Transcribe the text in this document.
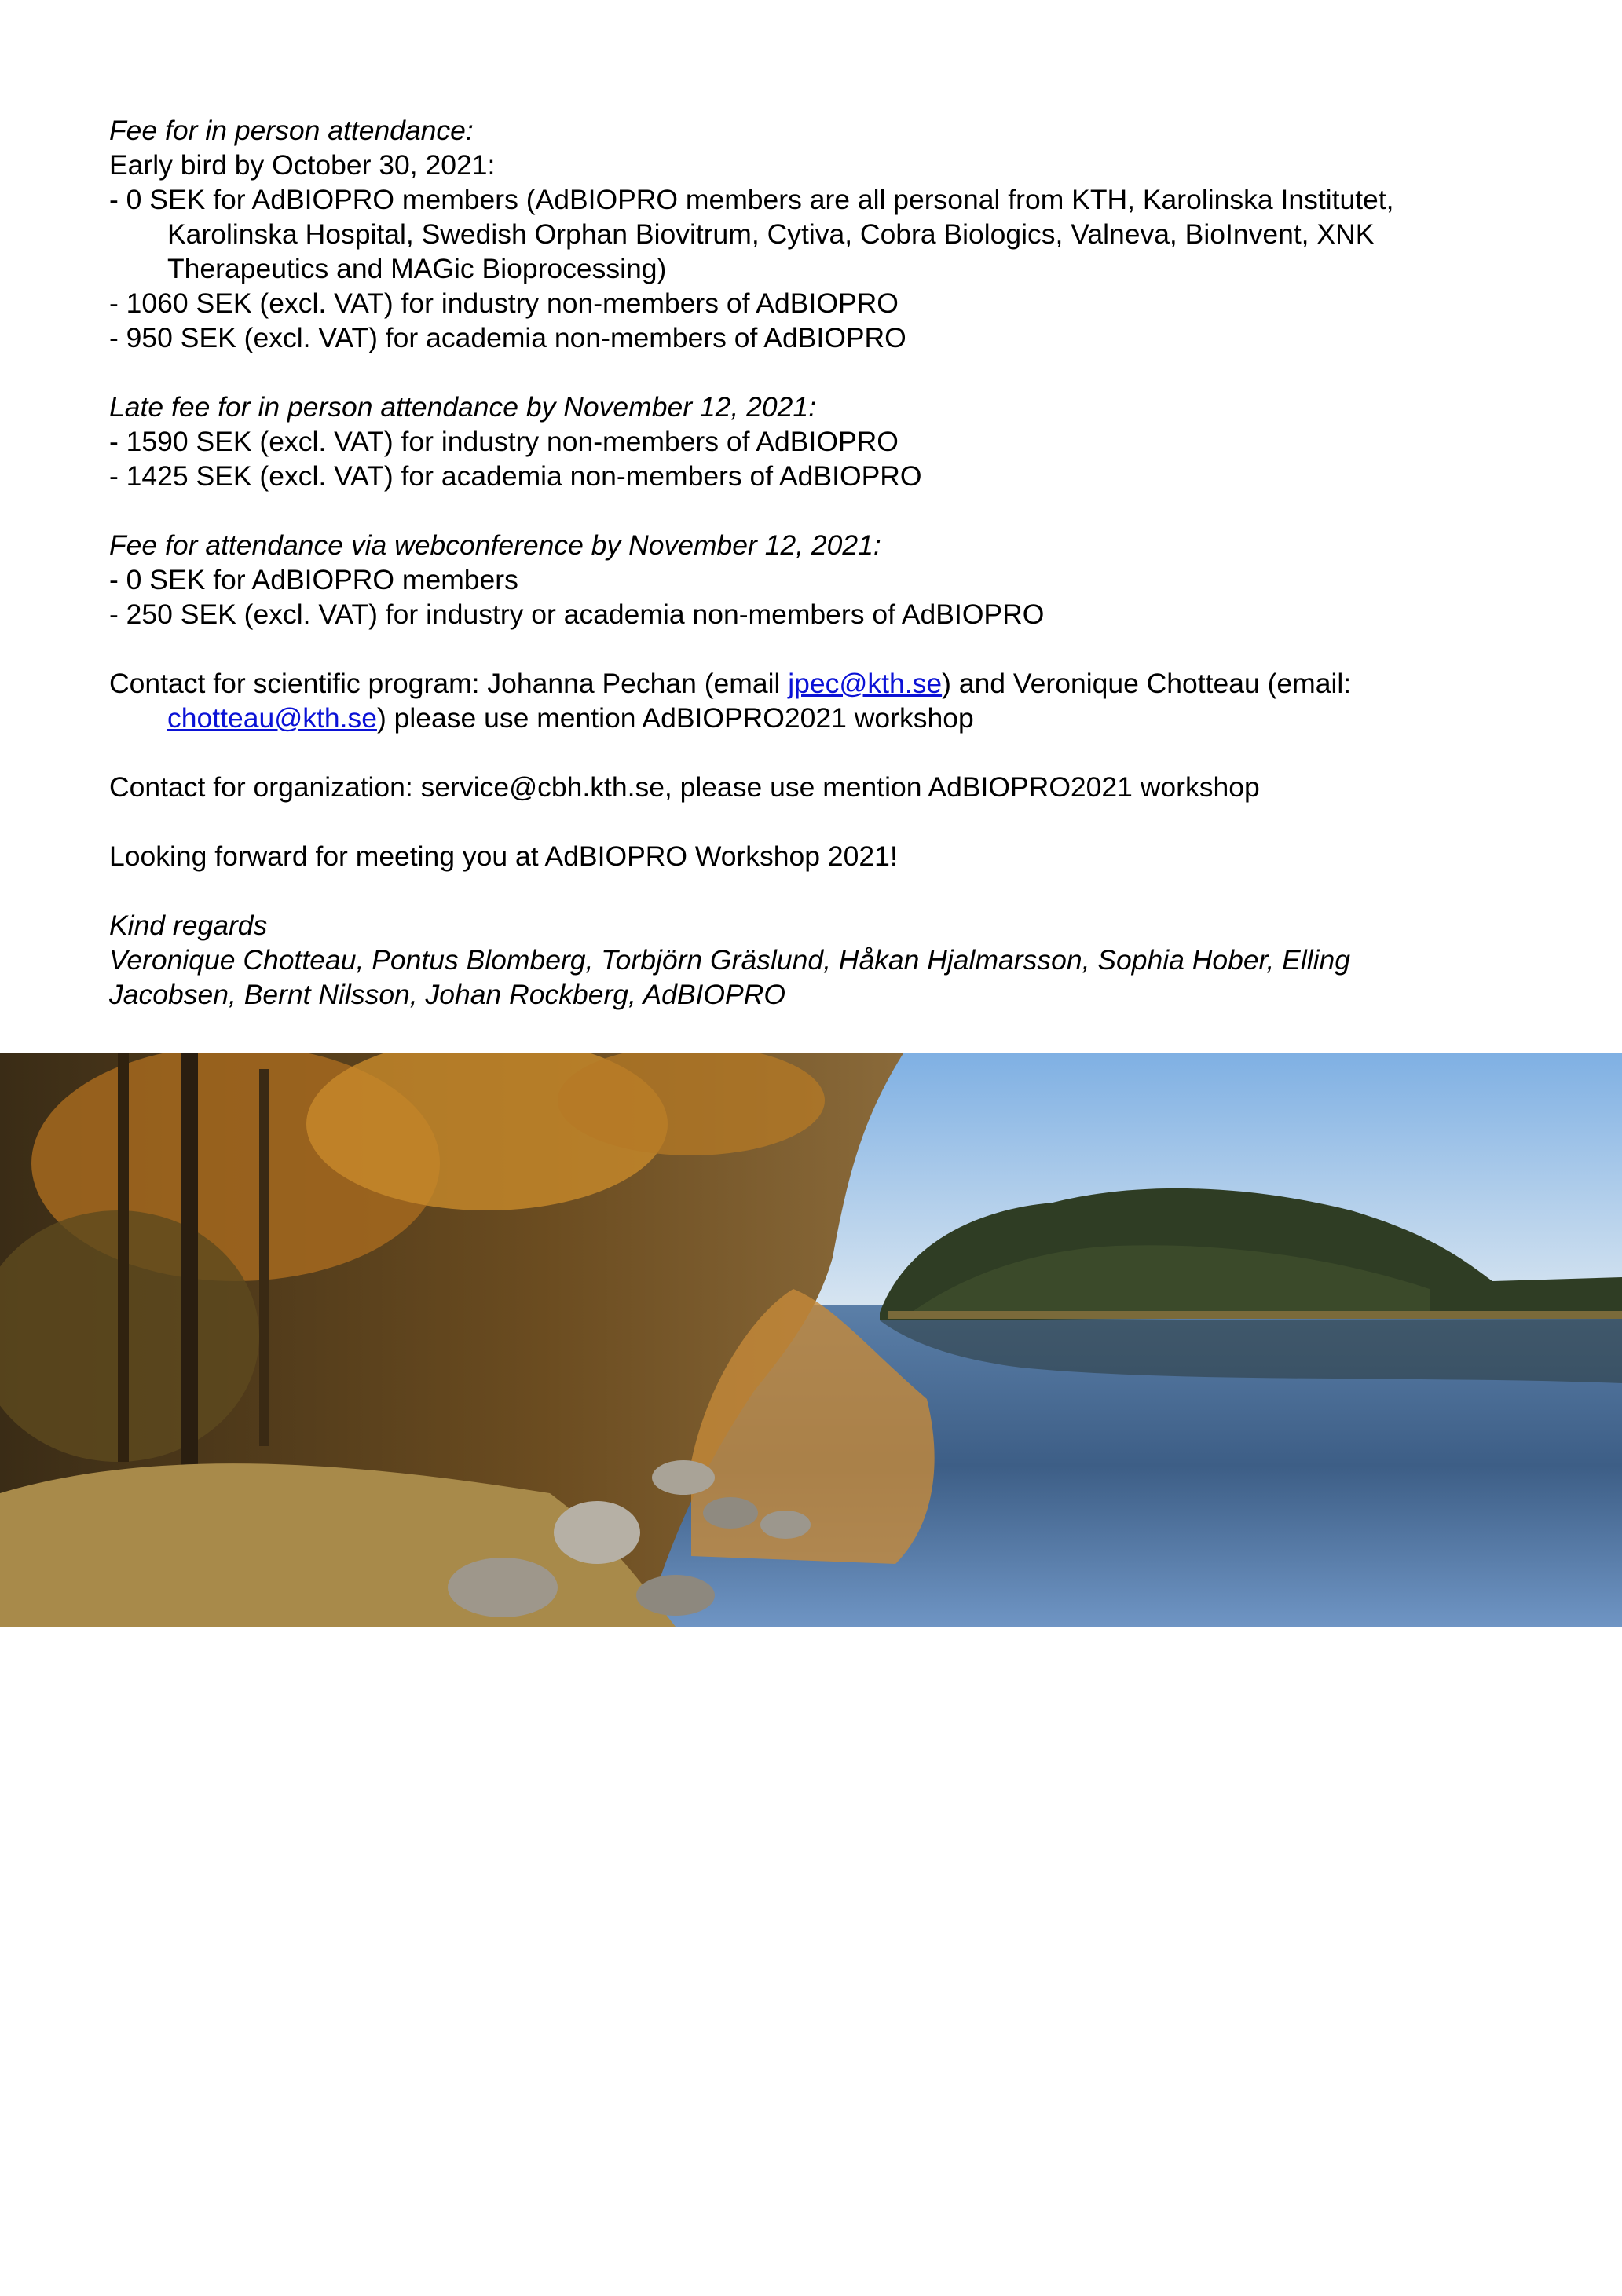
Fee for in person attendance:
Early bird by October 30, 2021:
- 0 SEK for AdBIOPRO members (AdBIOPRO members are all personal from KTH, Karolinska Institutet,
Karolinska Hospital, Swedish Orphan Biovitrum, Cytiva, Cobra Biologics, Valneva, BioInvent, XNK
Therapeutics and MAGic Bioprocessing)
- 1060 SEK (excl. VAT) for industry non-members of AdBIOPRO
- 950 SEK (excl. VAT) for academia non-members of AdBIOPRO
Late fee for in person attendance by November 12, 2021:
- 1590 SEK (excl. VAT) for industry non-members of AdBIOPRO
- 1425 SEK (excl. VAT) for academia non-members of AdBIOPRO
Fee for attendance via webconference by November 12, 2021:
- 0 SEK for AdBIOPRO members
- 250 SEK (excl. VAT) for industry or academia non-members of AdBIOPRO
Contact for scientific program: Johanna Pechan (email jpec@kth.se) and Veronique Chotteau (email:
chotteau@kth.se) please use mention AdBIOPRO2021 workshop
Contact for organization: service@cbh.kth.se, please use mention AdBIOPRO2021 workshop
Looking forward for meeting you at AdBIOPRO Workshop 2021!
Kind regards
Veronique Chotteau, Pontus Blomberg, Torbjörn Gräslund, Håkan Hjalmarsson, Sophia Hober, Elling
Jacobsen, Bernt Nilsson, Johan Rockberg, AdBIOPRO
